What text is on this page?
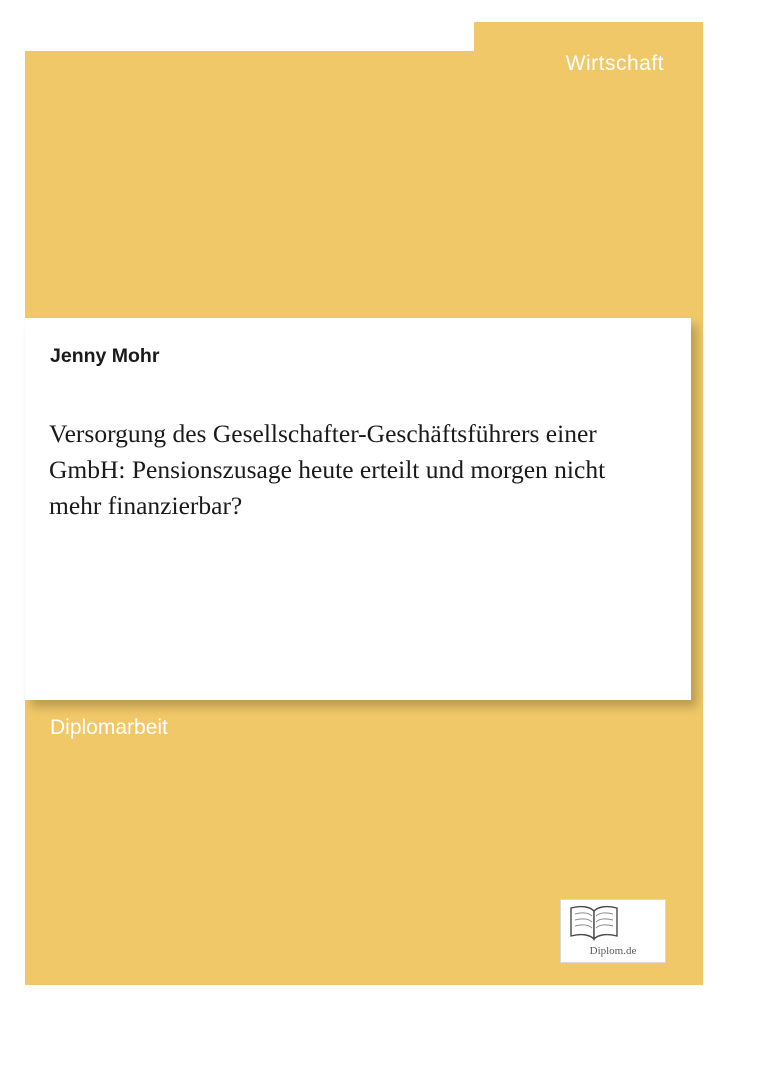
Wirtschaft
Jenny Mohr
Versorgung des Gesellschafter-Geschäftsführers einer GmbH: Pensionszusage heute erteilt und morgen nicht mehr finanzierbar?
Diplomarbeit
Diplom.de
